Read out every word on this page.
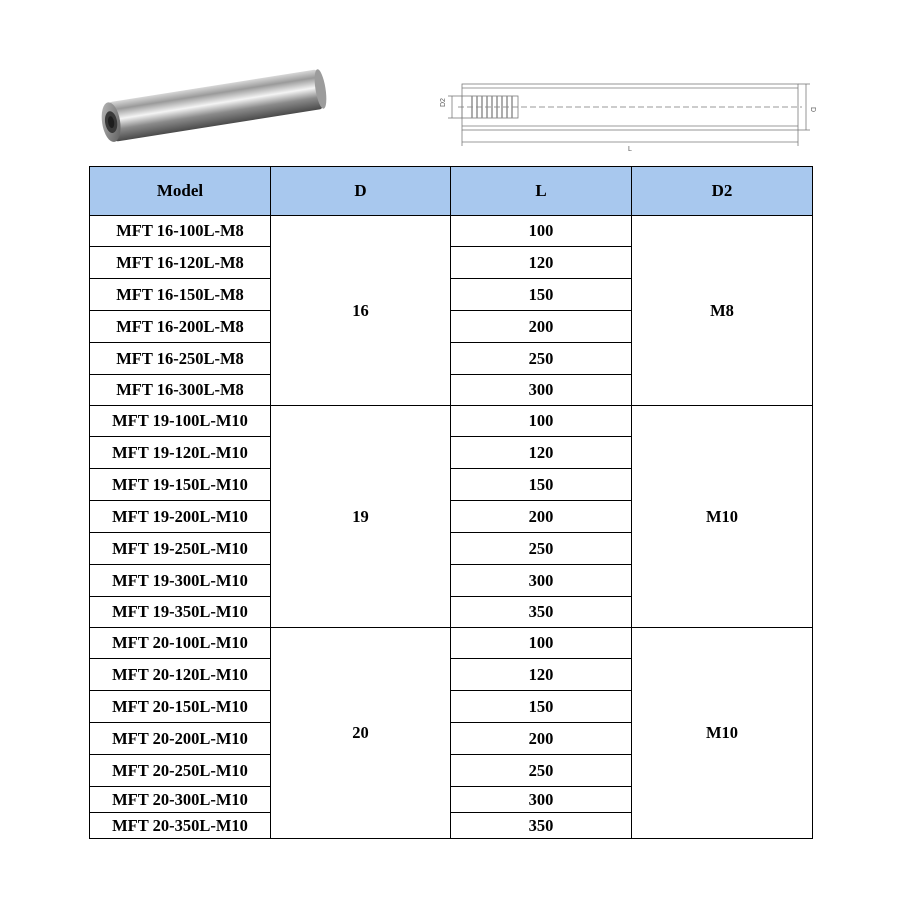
D2
D
L
Model	D	L	D2
MFT 16-100L-M8	16	100	M8
MFT 16-120L-M8		120	
MFT 16-150L-M8		150	
MFT 16-200L-M8		200	
MFT 16-250L-M8		250	
MFT 16-300L-M8		300	
MFT 19-100L-M10	19	100	M10
MFT 19-120L-M10		120	
MFT 19-150L-M10		150	
MFT 19-200L-M10		200	
MFT 19-250L-M10		250	
MFT 19-300L-M10		300	
MFT 19-350L-M10		350	
MFT 20-100L-M10	20	100	M10
MFT 20-120L-M10		120	
MFT 20-150L-M10		150	
MFT 20-200L-M10		200	
MFT 20-250L-M10		250	
MFT 20-300L-M10		300	
MFT 20-350L-M10		350	
